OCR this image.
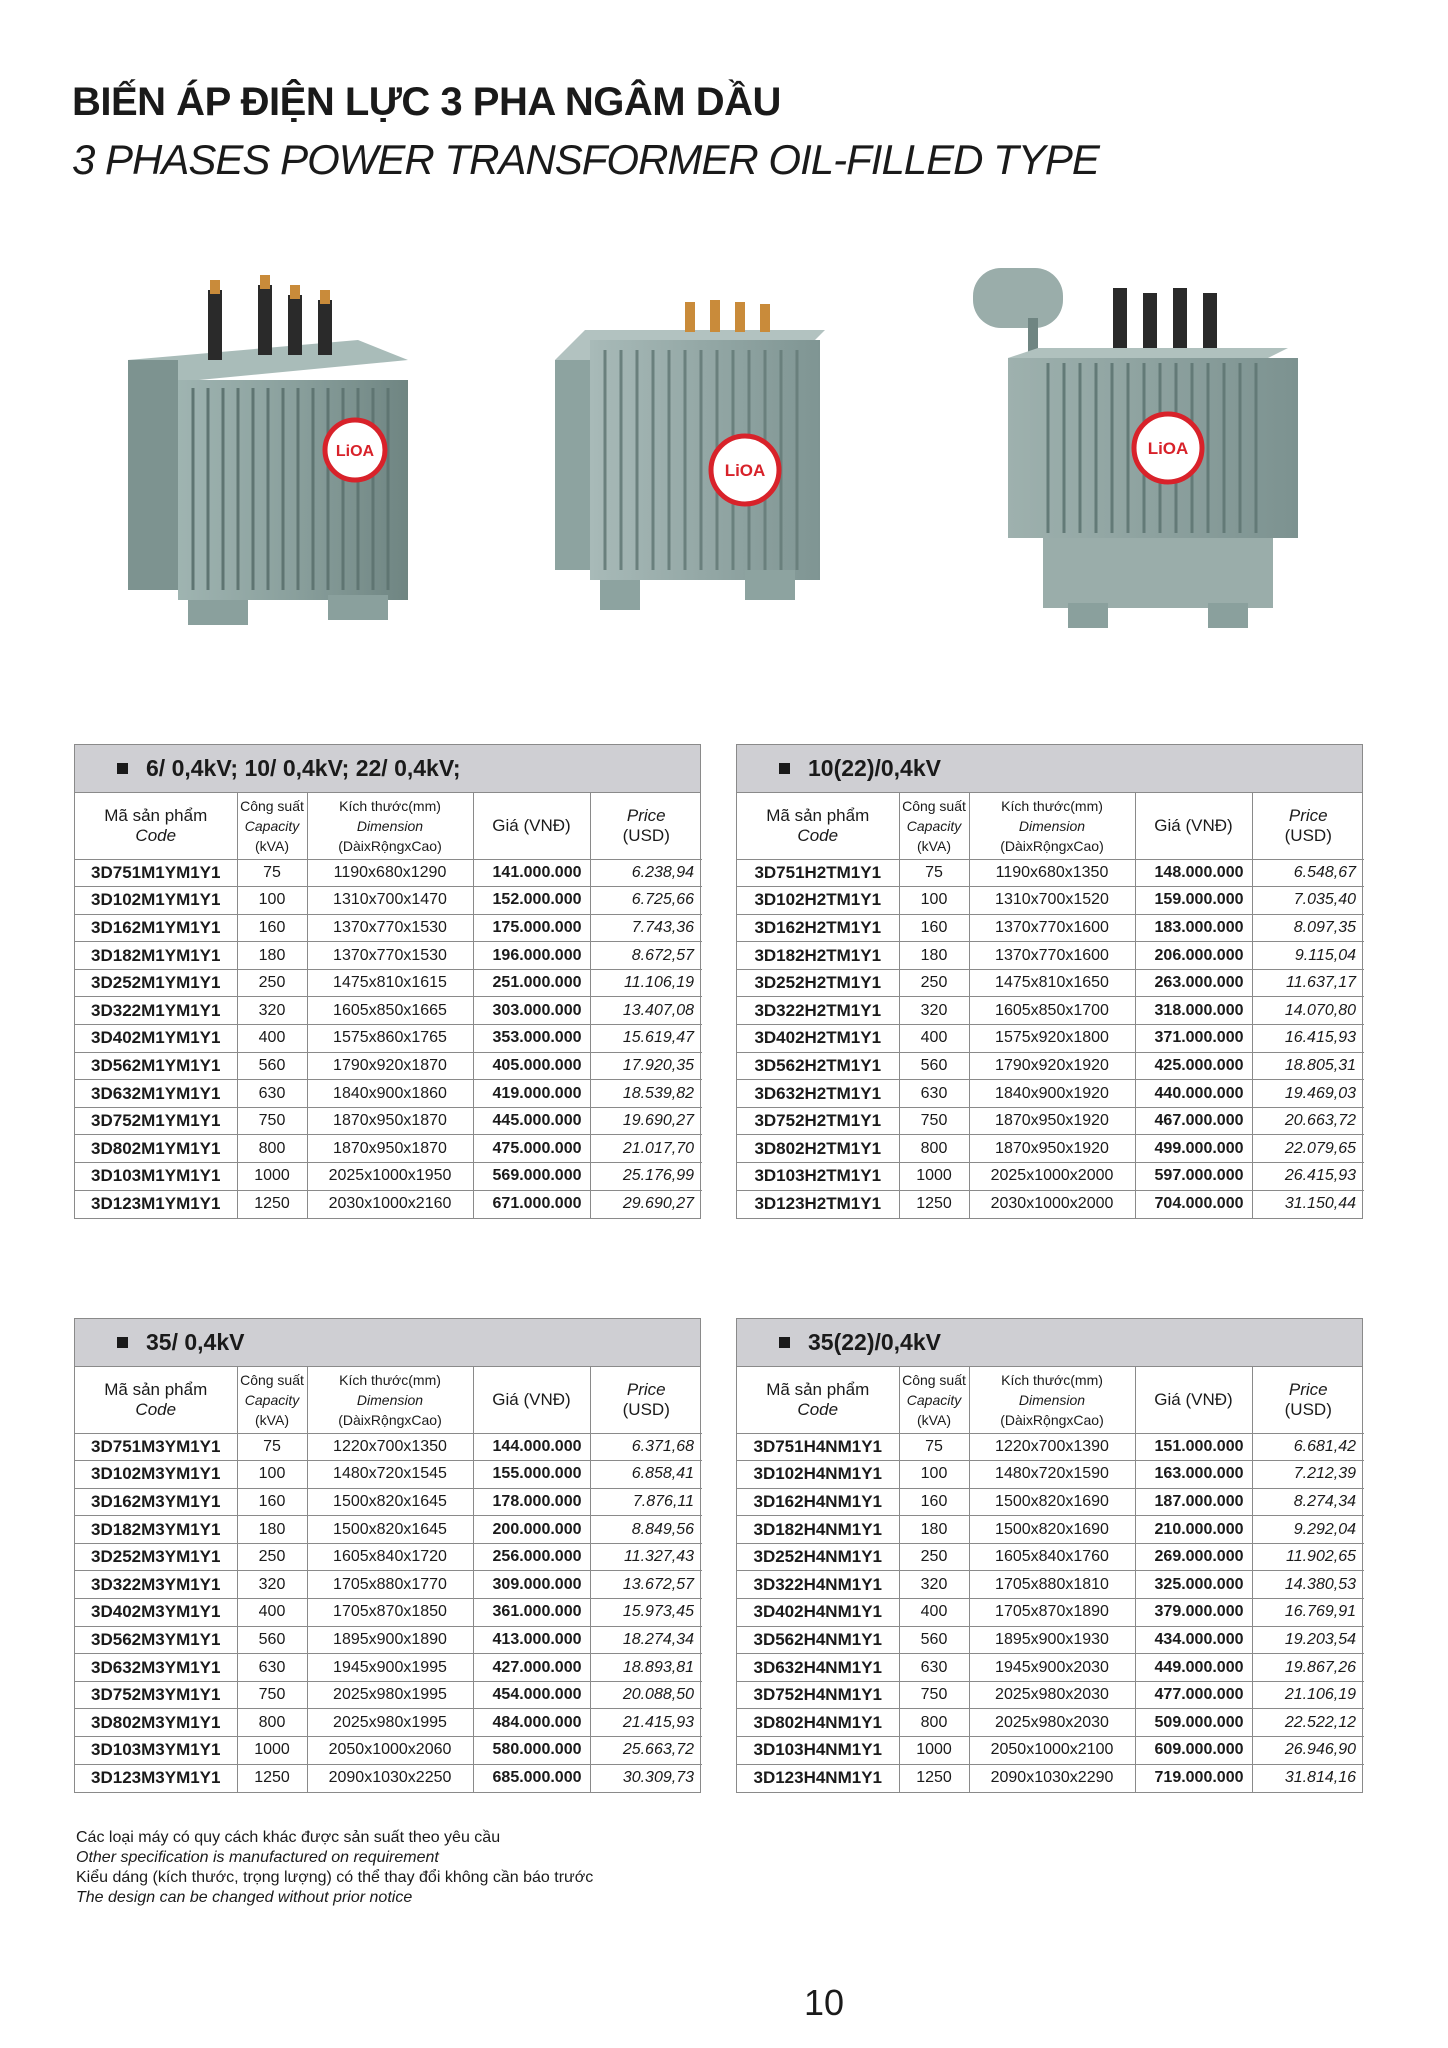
BIẾN ÁP ĐIỆN LỰC 3 PHA NGÂM DẦU
3 PHASES POWER TRANSFORMER OIL-FILLED TYPE
LiOA
LiOA
LiOA
6/ 0,4kV; 10/ 0,4kV; 22/ 0,4kV;
Mã sản phẩm
Code	Công suất
Capacity
(kVA)	Kích thước(mm)
Dimension
(DàixRộngxCao)	Giá (VNĐ)	Price
(USD)
3D751M1YM1Y1	75	1190x680x1290	141.000.000	6.238,94
3D102M1YM1Y1	100	1310x700x1470	152.000.000	6.725,66
3D162M1YM1Y1	160	1370x770x1530	175.000.000	7.743,36
3D182M1YM1Y1	180	1370x770x1530	196.000.000	8.672,57
3D252M1YM1Y1	250	1475x810x1615	251.000.000	11.106,19
3D322M1YM1Y1	320	1605x850x1665	303.000.000	13.407,08
3D402M1YM1Y1	400	1575x860x1765	353.000.000	15.619,47
3D562M1YM1Y1	560	1790x920x1870	405.000.000	17.920,35
3D632M1YM1Y1	630	1840x900x1860	419.000.000	18.539,82
3D752M1YM1Y1	750	1870x950x1870	445.000.000	19.690,27
3D802M1YM1Y1	800	1870x950x1870	475.000.000	21.017,70
3D103M1YM1Y1	1000	2025x1000x1950	569.000.000	25.176,99
3D123M1YM1Y1	1250	2030x1000x2160	671.000.000	29.690,27
10(22)/0,4kV
Mã sản phẩm
Code	Công suất
Capacity
(kVA)	Kích thước(mm)
Dimension
(DàixRộngxCao)	Giá (VNĐ)	Price
(USD)
3D751H2TM1Y1	75	1190x680x1350	148.000.000	6.548,67
3D102H2TM1Y1	100	1310x700x1520	159.000.000	7.035,40
3D162H2TM1Y1	160	1370x770x1600	183.000.000	8.097,35
3D182H2TM1Y1	180	1370x770x1600	206.000.000	9.115,04
3D252H2TM1Y1	250	1475x810x1650	263.000.000	11.637,17
3D322H2TM1Y1	320	1605x850x1700	318.000.000	14.070,80
3D402H2TM1Y1	400	1575x920x1800	371.000.000	16.415,93
3D562H2TM1Y1	560	1790x920x1920	425.000.000	18.805,31
3D632H2TM1Y1	630	1840x900x1920	440.000.000	19.469,03
3D752H2TM1Y1	750	1870x950x1920	467.000.000	20.663,72
3D802H2TM1Y1	800	1870x950x1920	499.000.000	22.079,65
3D103H2TM1Y1	1000	2025x1000x2000	597.000.000	26.415,93
3D123H2TM1Y1	1250	2030x1000x2000	704.000.000	31.150,44
35/ 0,4kV
Mã sản phẩm
Code	Công suất
Capacity
(kVA)	Kích thước(mm)
Dimension
(DàixRộngxCao)	Giá (VNĐ)	Price
(USD)
3D751M3YM1Y1	75	1220x700x1350	144.000.000	6.371,68
3D102M3YM1Y1	100	1480x720x1545	155.000.000	6.858,41
3D162M3YM1Y1	160	1500x820x1645	178.000.000	7.876,11
3D182M3YM1Y1	180	1500x820x1645	200.000.000	8.849,56
3D252M3YM1Y1	250	1605x840x1720	256.000.000	11.327,43
3D322M3YM1Y1	320	1705x880x1770	309.000.000	13.672,57
3D402M3YM1Y1	400	1705x870x1850	361.000.000	15.973,45
3D562M3YM1Y1	560	1895x900x1890	413.000.000	18.274,34
3D632M3YM1Y1	630	1945x900x1995	427.000.000	18.893,81
3D752M3YM1Y1	750	2025x980x1995	454.000.000	20.088,50
3D802M3YM1Y1	800	2025x980x1995	484.000.000	21.415,93
3D103M3YM1Y1	1000	2050x1000x2060	580.000.000	25.663,72
3D123M3YM1Y1	1250	2090x1030x2250	685.000.000	30.309,73
35(22)/0,4kV
Mã sản phẩm
Code	Công suất
Capacity
(kVA)	Kích thước(mm)
Dimension
(DàixRộngxCao)	Giá (VNĐ)	Price
(USD)
3D751H4NM1Y1	75	1220x700x1390	151.000.000	6.681,42
3D102H4NM1Y1	100	1480x720x1590	163.000.000	7.212,39
3D162H4NM1Y1	160	1500x820x1690	187.000.000	8.274,34
3D182H4NM1Y1	180	1500x820x1690	210.000.000	9.292,04
3D252H4NM1Y1	250	1605x840x1760	269.000.000	11.902,65
3D322H4NM1Y1	320	1705x880x1810	325.000.000	14.380,53
3D402H4NM1Y1	400	1705x870x1890	379.000.000	16.769,91
3D562H4NM1Y1	560	1895x900x1930	434.000.000	19.203,54
3D632H4NM1Y1	630	1945x900x2030	449.000.000	19.867,26
3D752H4NM1Y1	750	2025x980x2030	477.000.000	21.106,19
3D802H4NM1Y1	800	2025x980x2030	509.000.000	22.522,12
3D103H4NM1Y1	1000	2050x1000x2100	609.000.000	26.946,90
3D123H4NM1Y1	1250	2090x1030x2290	719.000.000	31.814,16
Các loại máy có quy cách khác được sản suất theo yêu cầu
Other specification is manufactured on requirement
Kiểu dáng (kích thước, trọng lượng) có thể thay đổi không cần báo trước
The design can be changed without prior notice
10
